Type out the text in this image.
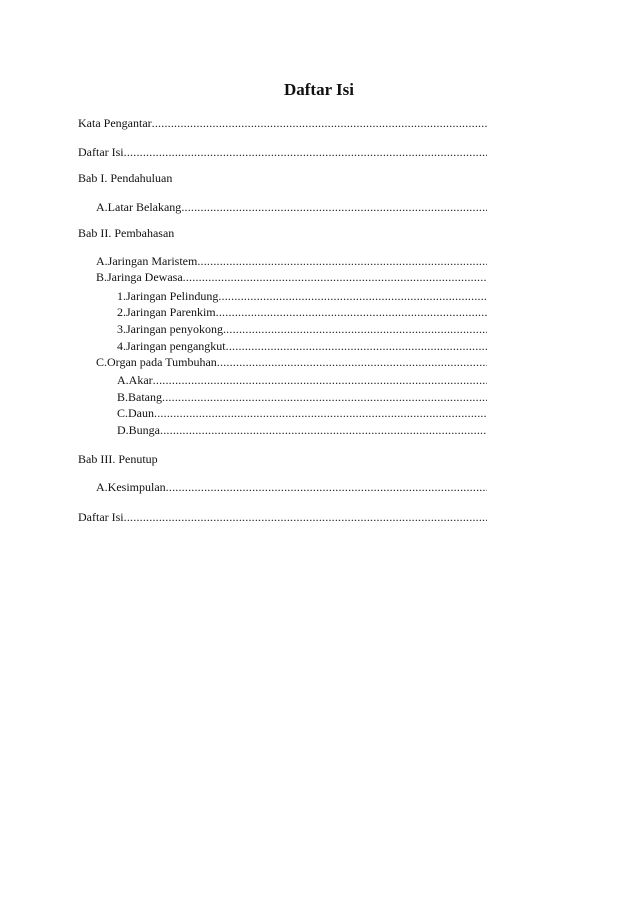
Daftar Isi
Kata Pengantar
.....
Daftar Isi
.....
Bab I. Pendahuluan
A. Latar Belakang
.....
Bab II. Pembahasan
A. Jaringan Maristem
.....
B. Jaringa Dewasa
.....
1. Jaringan Pelindung
.....
2. Jaringan Parenkim
.....
3. Jaringan penyokong
.....
4. Jaringan pengangkut
.....
C. Organ pada Tumbuhan
.....
A. Akar
.....
B. Batang
.....
C. Daun
.....
D. Bunga
.....
Bab III. Penutup
A. Kesimpulan
.....
Daftar Isi
.....
